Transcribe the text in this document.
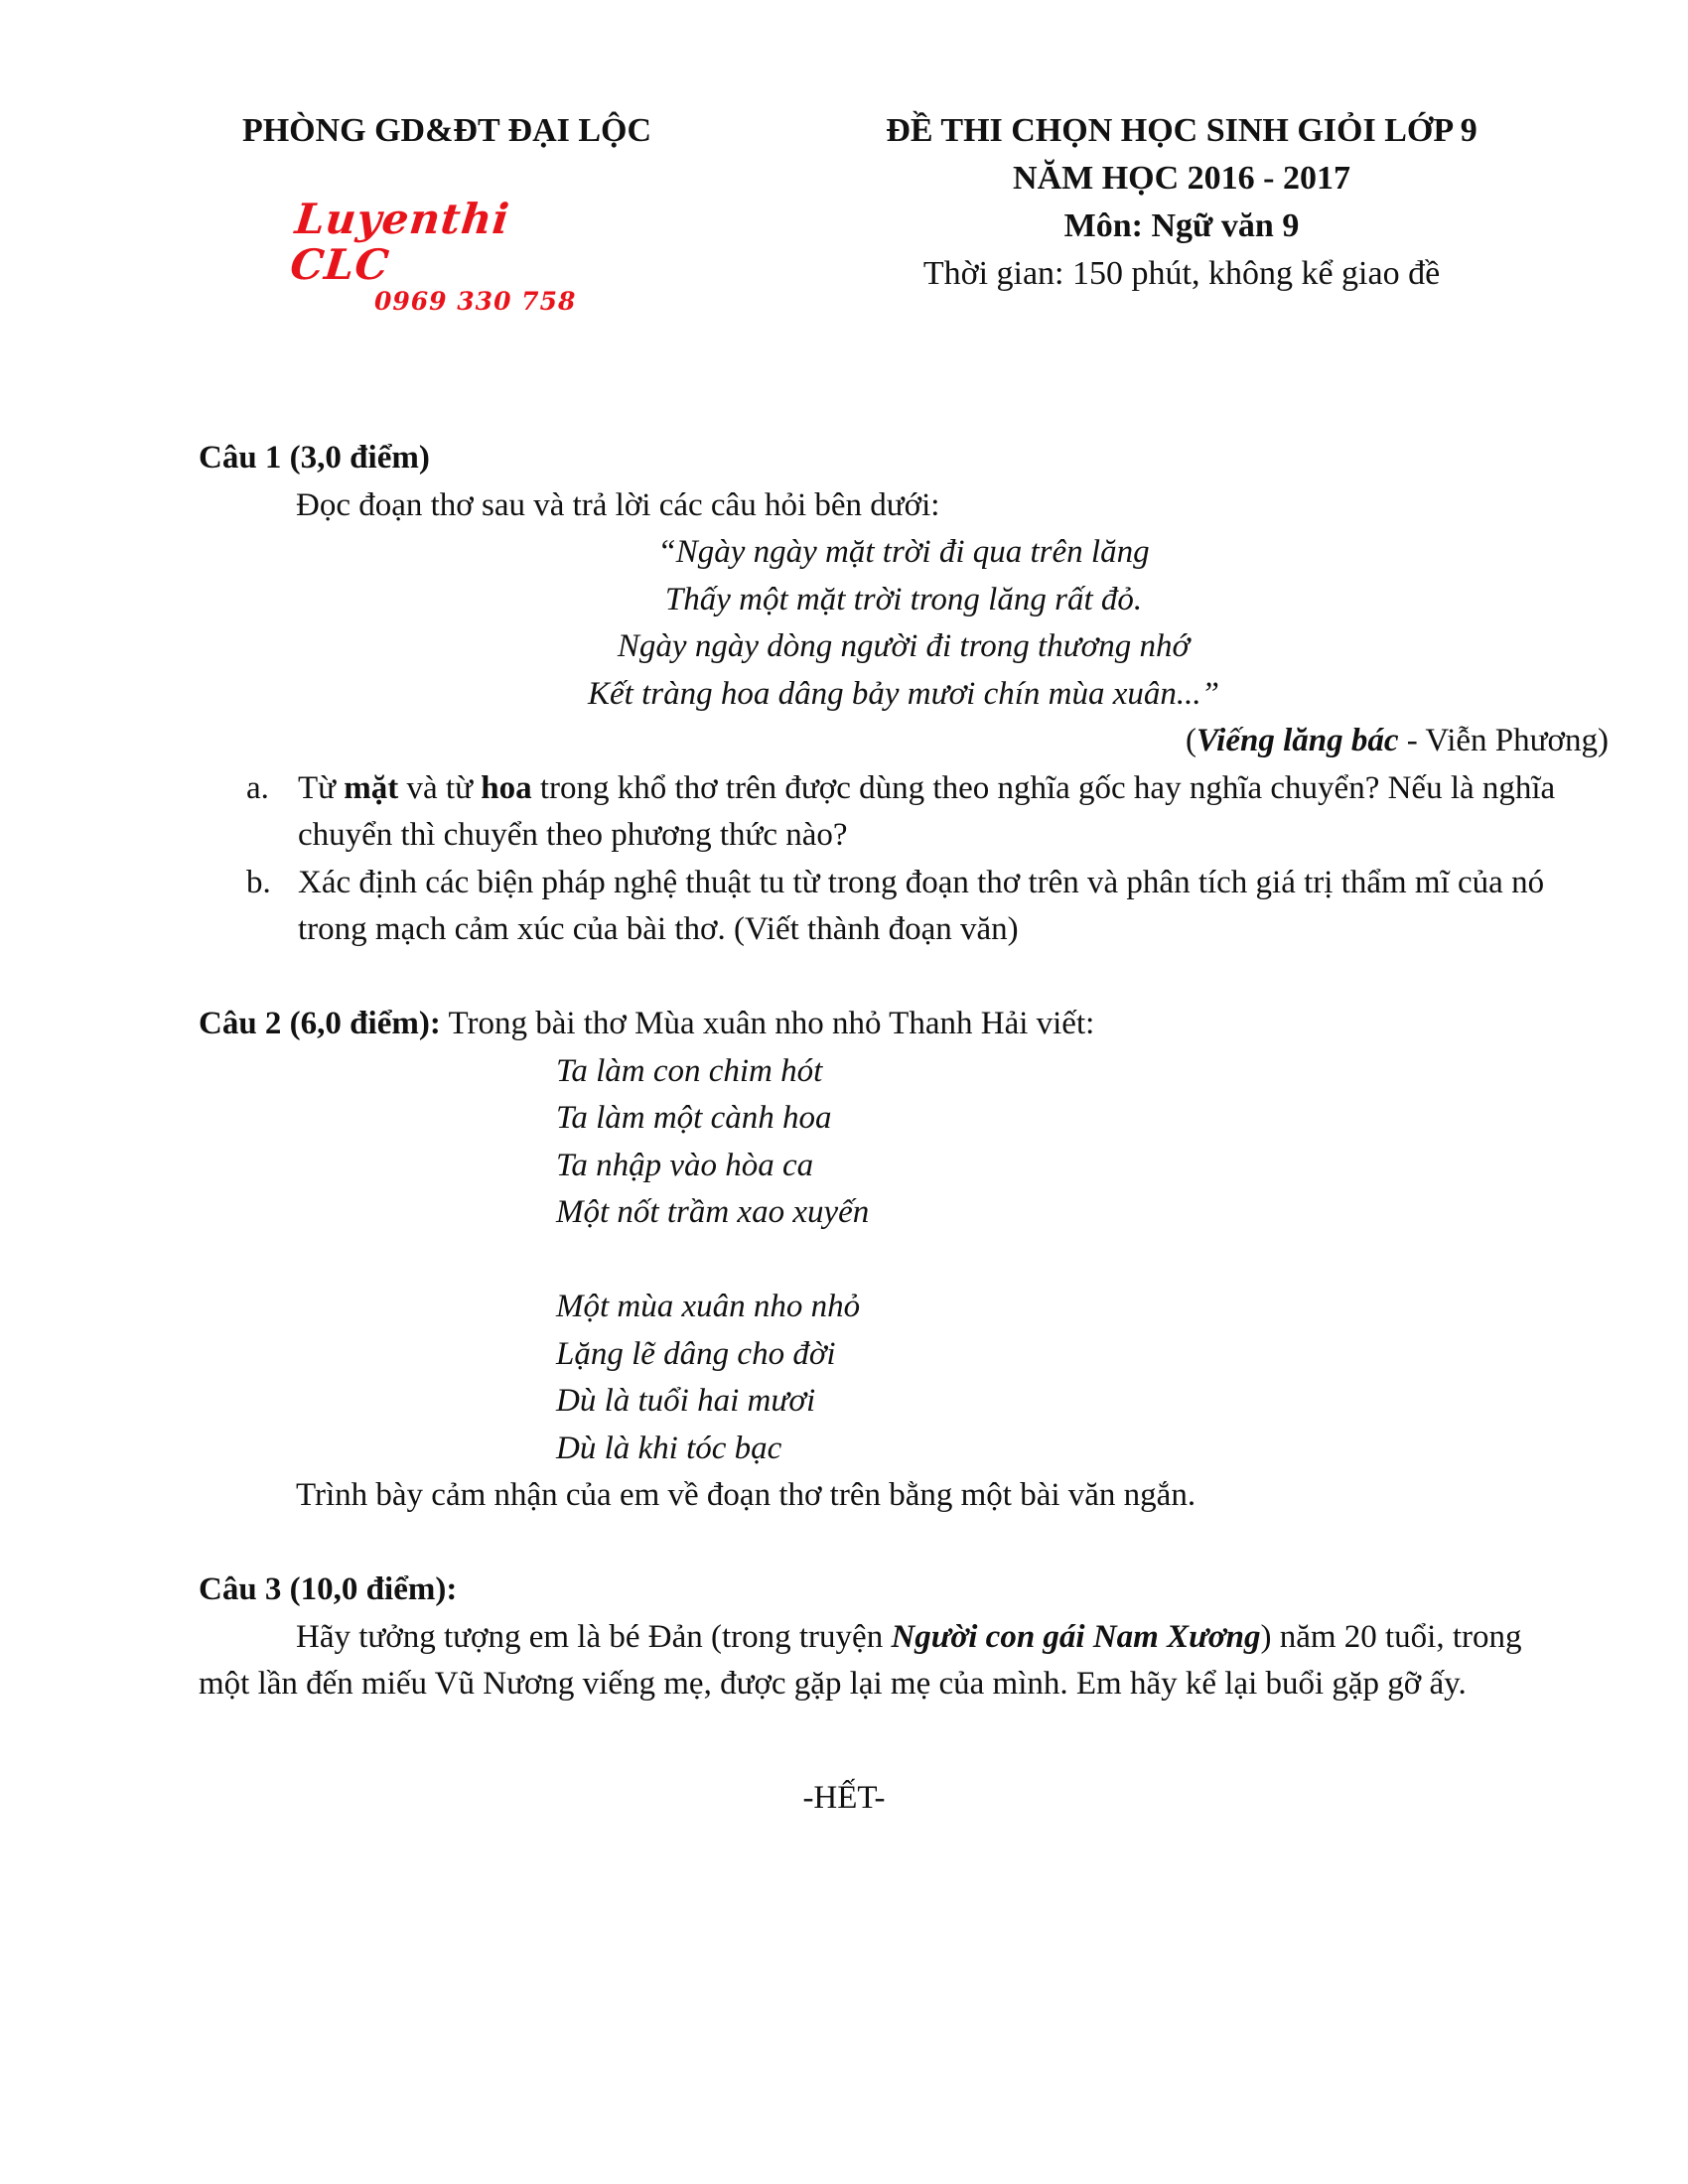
PHÒNG GD&ĐT ĐẠI LỘC
Luyenthi CLC
0969 330 758
ĐỀ THI CHỌN HỌC SINH GIỎI LỚP 9
NĂM HỌC 2016 - 2017
Môn: Ngữ văn 9
Thời gian: 150 phút, không kể giao đề
Câu 1 (3,0 điểm)
Đọc đoạn thơ sau và trả lời các câu hỏi bên dưới:
“Ngày ngày mặt trời đi qua trên lăng
Thấy một mặt trời trong lăng rất đỏ.
Ngày ngày dòng người đi trong thương nhớ
Kết tràng hoa dâng bảy mươi chín mùa xuân...”
(Viếng lăng bác - Viễn Phương)
a. Từ mặt và từ hoa trong khổ thơ trên được dùng theo nghĩa gốc hay nghĩa chuyển? Nếu là nghĩa chuyển thì chuyển theo phương thức nào?
b. Xác định các biện pháp nghệ thuật tu từ trong đoạn thơ trên và phân tích giá trị thẩm mĩ của nó trong mạch cảm xúc của bài thơ. (Viết thành đoạn văn)
Câu 2 (6,0 điểm): Trong bài thơ Mùa xuân nho nhỏ Thanh Hải viết:
Ta làm con chim hót
Ta làm một cành hoa
Ta nhập vào hòa ca
Một nốt trầm xao xuyến
Một mùa xuân nho nhỏ
Lặng lẽ dâng cho đời
Dù là tuổi hai mươi
Dù là khi tóc bạc
Trình bày cảm nhận của em về đoạn thơ trên bằng một bài văn ngắn.
Câu 3 (10,0 điểm):
Hãy tưởng tượng em là bé Đản (trong truyện Người con gái Nam Xương) năm 20 tuổi, trong
một lần đến miếu Vũ Nương viếng mẹ, được gặp lại mẹ của mình. Em hãy kể lại buổi gặp gỡ ấy.
-HẾT-
